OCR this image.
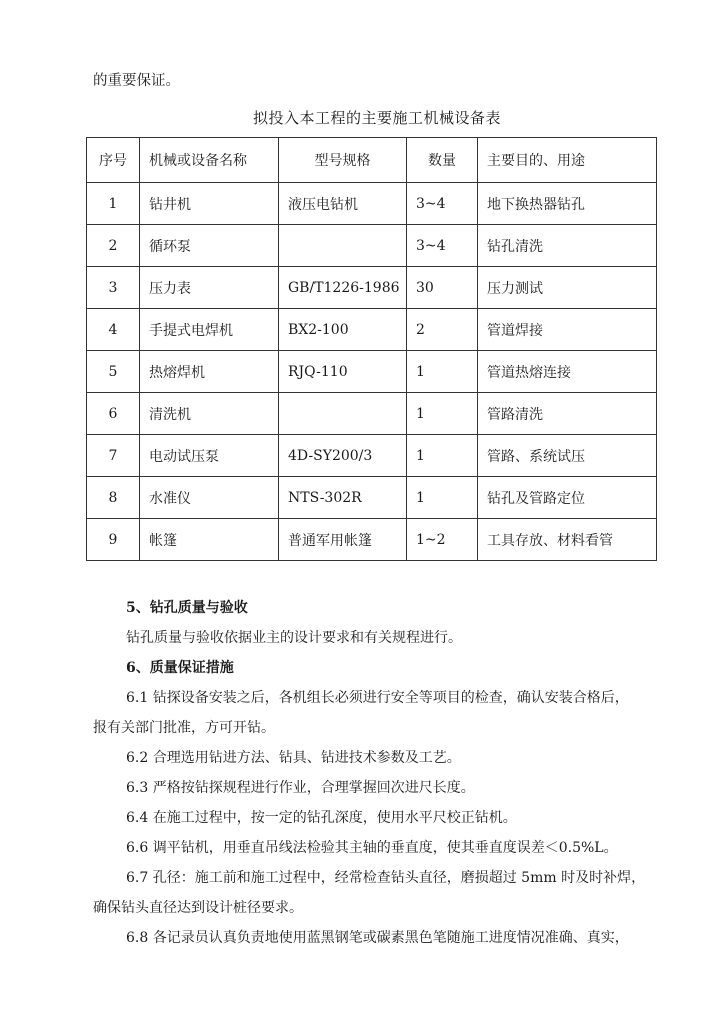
的重要保证。
拟投入本工程的主要施工机械设备表
序号	机械或设备名称	型号规格	数量	主要目的、用途
1	钻井机	液压电钻机	3~4	地下换热器钻孔
2	循环泵		3~4	钻孔清洗
3	压力表	GB/T1226-1986	30	压力测试
4	手提式电焊机	BX2-100	2	管道焊接
5	热熔焊机	RJQ-110	1	管道热熔连接
6	清洗机		1	管路清洗
7	电动试压泵	4D-SY200/3	1	管路、系统试压
8	水准仪	NTS-302R	1	钻孔及管路定位
9	帐篷	普通军用帐篷	1~2	工具存放、材料看管

5、钻孔质量与验收

钻孔质量与验收依据业主的设计要求和有关规程进行。

6、质量保证措施

6.1 钻探设备安装之后，各机组长必须进行安全等项目的检查，确认安装合格后，

报有关部门批准，方可开钻。

6.2 合理选用钻进方法、钻具、钻进技术参数及工艺。

6.3 严格按钻探规程进行作业，合理掌握回次进尺长度。

6.4 在施工过程中，按一定的钻孔深度，使用水平尺校正钻机。

6.6 调平钻机，用垂直吊线法检验其主轴的垂直度，使其垂直度误差＜0.5%L。

6.7 孔径：施工前和施工过程中，经常检查钻头直径，磨损超过 5mm 时及时补焊，

确保钻头直径达到设计桩径要求。

6.8 各记录员认真负责地使用蓝黑钢笔或碳素黑色笔随施工进度情况准确、真实，
